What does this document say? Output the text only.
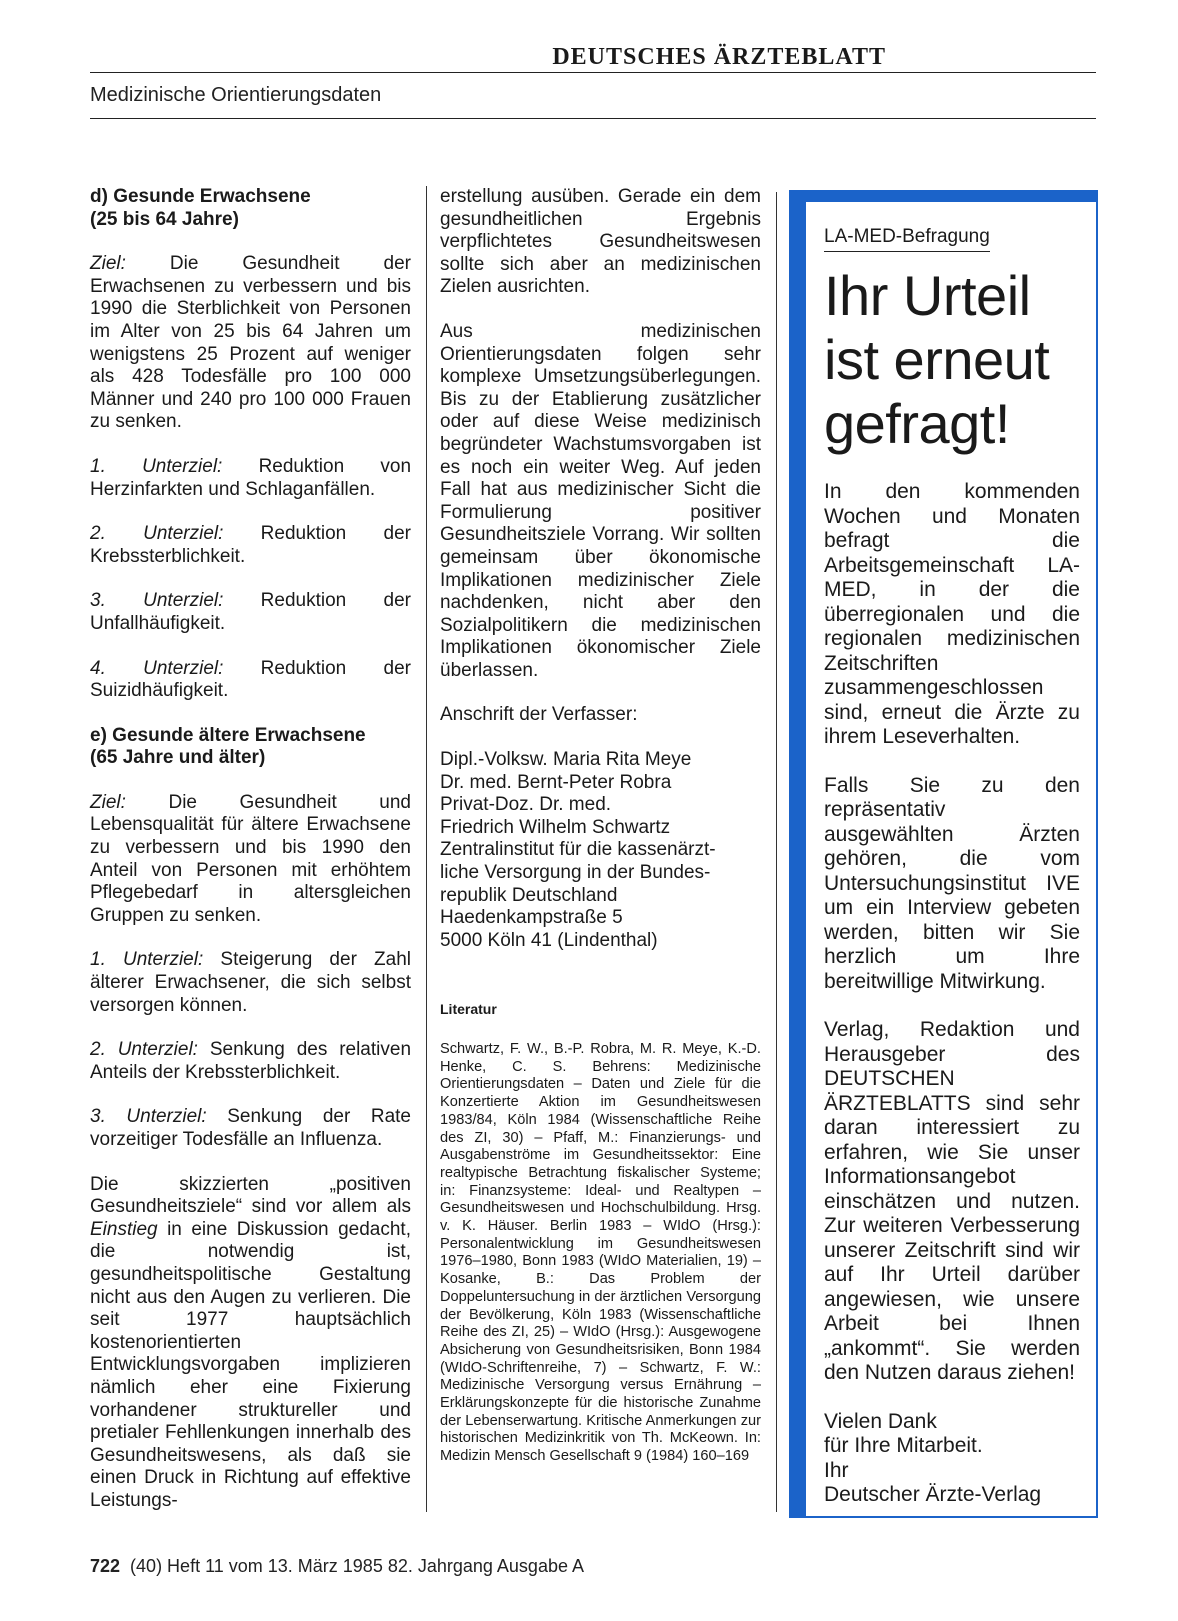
DEUTSCHES ÄRZTEBLATT
Medizinische Orientierungsdaten

d) Gesunde Erwachsene
(25 bis 64 Jahre)

Ziel: Die Gesundheit der Erwachsenen zu verbessern und bis 1990 die Sterblichkeit von Personen im Alter von 25 bis 64 Jahren um wenigstens 25 Prozent auf weniger als 428 Todesfälle pro 100 000 Männer und 240 pro 100 000 Frauen zu senken.

1. Unterziel: Reduktion von Herzinfarkten und Schlaganfällen.

2. Unterziel: Reduktion der Krebssterblichkeit.

3. Unterziel: Reduktion der Unfallhäufigkeit.

4. Unterziel: Reduktion der Suizidhäufigkeit.

e) Gesunde ältere Erwachsene
(65 Jahre und älter)

Ziel: Die Gesundheit und Lebensqualität für ältere Erwachsene zu verbessern und bis 1990 den Anteil von Personen mit erhöhtem Pflegebedarf in altersgleichen Gruppen zu senken.

1. Unterziel: Steigerung der Zahl älterer Erwachsener, die sich selbst versorgen können.

2. Unterziel: Senkung des relativen Anteils der Krebssterblichkeit.

3. Unterziel: Senkung der Rate vorzeitiger Todesfälle an Influenza.

Die skizzierten „positiven Gesundheitsziele“ sind vor allem als Einstieg in eine Diskussion gedacht, die notwendig ist, gesundheitspolitische Gestaltung nicht aus den Augen zu verlieren. Die seit 1977 hauptsächlich kostenorientierten Entwicklungsvorgaben implizieren nämlich eher eine Fixierung vorhandener struktureller und pretialer Fehllenkungen innerhalb des Gesundheitswesens, als daß sie einen Druck in Richtung auf effektive Leistungs-

erstellung ausüben. Gerade ein dem gesundheitlichen Ergebnis verpflichtetes Gesundheitswesen sollte sich aber an medizinischen Zielen ausrichten.

Aus medizinischen Orientierungsdaten folgen sehr komplexe Umsetzungsüberlegungen. Bis zu der Etablierung zusätzlicher oder auf diese Weise medizinisch begründeter Wachstumsvorgaben ist es noch ein weiter Weg. Auf jeden Fall hat aus medizinischer Sicht die Formulierung positiver Gesundheitsziele Vorrang. Wir sollten gemeinsam über ökonomische Implikationen medizinischer Ziele nachdenken, nicht aber den Sozialpolitikern die medizinischen Implikationen ökonomischer Ziele überlassen.

Anschrift der Verfasser:

Dipl.-Volksw. Maria Rita Meye
Dr. med. Bernt-Peter Robra
Privat-Doz. Dr. med.
Friedrich Wilhelm Schwartz
Zentralinstitut für die kassenärzt-
liche Versorgung in der Bundes-
republik Deutschland
Haedenkampstraße 5
5000 Köln 41 (Lindenthal)
Literatur
Schwartz, F. W., B.-P. Robra, M. R. Meye, K.-D. Henke, C. S. Behrens: Medizinische Orientierungsdaten – Daten und Ziele für die Konzertierte Aktion im Gesundheitswesen 1983/84, Köln 1984 (Wissenschaftliche Reihe des ZI, 30) – Pfaff, M.: Finanzierungs- und Ausgabenströme im Gesundheitssektor: Eine realtypische Betrachtung fiskalischer Systeme; in: Finanzsysteme: Ideal- und Realtypen – Gesundheitswesen und Hochschulbildung. Hrsg. v. K. Häuser. Berlin 1983 – WIdO (Hrsg.): Personalentwicklung im Gesundheitswesen 1976–1980, Bonn 1983 (WIdO Materialien, 19) – Kosanke, B.: Das Problem der Doppeluntersuchung in der ärztlichen Versorgung der Bevölkerung, Köln 1983 (Wissenschaftliche Reihe des ZI, 25) – WIdO (Hrsg.): Ausgewogene Absicherung von Gesundheitsrisiken, Bonn 1984 (WIdO-Schriftenreihe, 7) – Schwartz, F. W.: Medizinische Versorgung versus Ernährung – Erklärungskonzepte für die historische Zunahme der Lebenserwartung. Kritische Anmerkungen zur historischen Medizinkritik von Th. McKeown. In: Medizin Mensch Gesellschaft 9 (1984) 160–169
LA-MED-Befragung
Ihr Urteil
ist erneut
gefragt!

In den kommenden Wochen und Monaten befragt die Arbeitsgemeinschaft LA-MED, in der die überregionalen und die regionalen medizinischen Zeitschriften zusammengeschlossen sind, erneut die Ärzte zu ihrem Leseverhalten.

Falls Sie zu den repräsentativ ausgewählten Ärzten gehören, die vom Untersuchungsinstitut IVE um ein Interview gebeten werden, bitten wir Sie herzlich um Ihre bereitwillige Mitwirkung.

Verlag, Redaktion und Herausgeber des DEUTSCHEN ÄRZTEBLATTS sind sehr daran interessiert zu erfahren, wie Sie unser Informationsangebot einschätzen und nutzen. Zur weiteren Verbesserung unserer Zeitschrift sind wir auf Ihr Urteil darüber angewiesen, wie unsere Arbeit bei Ihnen „ankommt“. Sie werden den Nutzen daraus ziehen!

Vielen Dank
für Ihre Mitarbeit.
Ihr
Deutscher Ärzte-Verlag
722 (40) Heft 11 vom 13. März 1985 82. Jahrgang Ausgabe A
